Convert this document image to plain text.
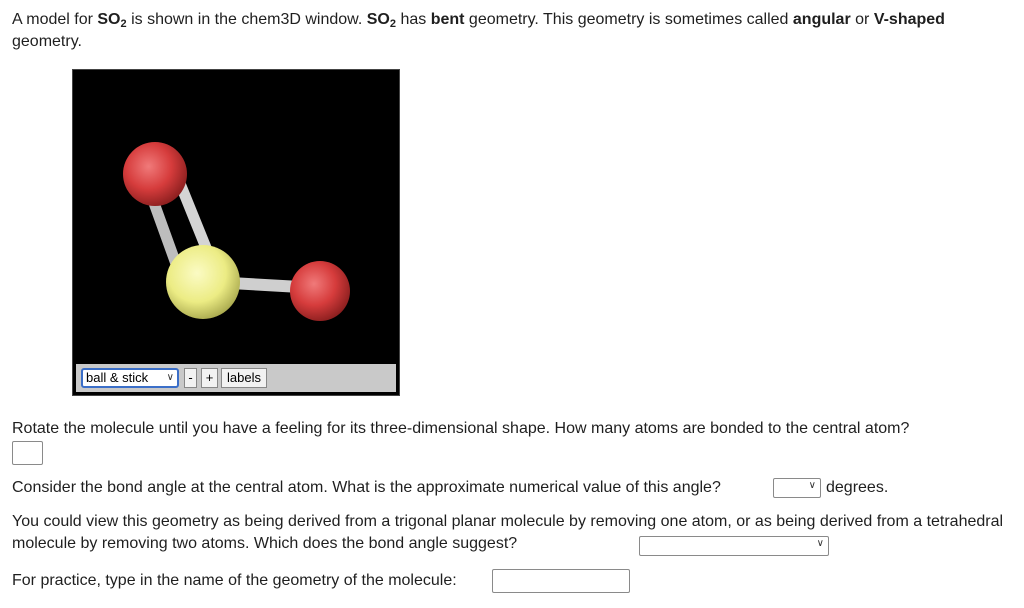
A model for $SO_2$ is shown in the chem3D window. $SO_2$ has bent geometry. This geometry is sometimes called angular or V-shaped geometry.
ball & stick ∨	-	+	labels
Rotate the molecule until you have a feeling for its three-dimensional shape. How many atoms are bonded to the central atom?
Consider the bond angle at the central atom. What is the approximate numerical value of this angle?	∨ degrees.
You could view this geometry as being derived from a trigonal planar molecule by removing one atom, or as being derived from a tetrahedral molecule by removing two atoms. Which does the bond angle suggest?	∨
For practice, type in the name of the geometry of the molecule:
